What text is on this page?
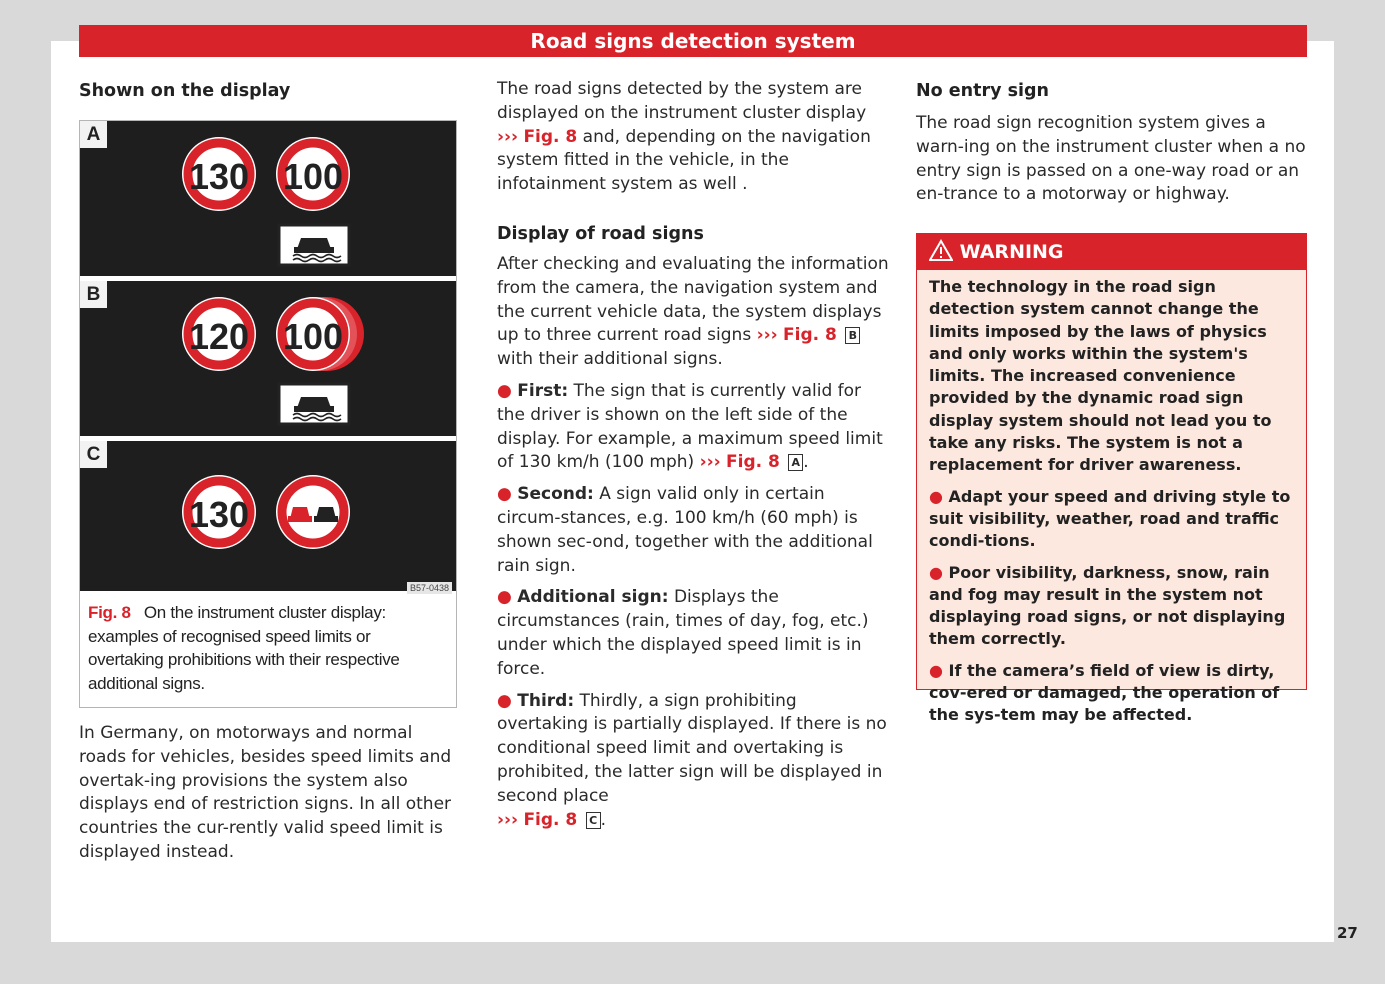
Road signs detection system
Shown on the display
130 100
120 100
130
A
B
C
B57-0438
Fig. 8 On the instrument cluster display: examples of recognised speed limits or overtaking prohibitions with their respective additional signs.

In Germany, on motorways and normal roads for vehicles, besides speed limits and overtak-ing provisions the system also displays end of restriction signs. In all other countries the cur-rently valid speed limit is displayed instead.

The road signs detected by the system are displayed on the instrument cluster display
››› Fig. 8 and, depending on the navigation system fitted in the vehicle, in the infotainment system as well .

Display of road signs

After checking and evaluating the information from the camera, the navigation system and the current vehicle data, the system displays up to three current road signs ››› Fig. 8 B with their additional signs.

● First: The sign that is currently valid for the driver is shown on the left side of the display. For example, a maximum speed limit of 130 km/h (100 mph) ››› Fig. 8 A .

● Second: A sign valid only in certain circum-stances, e.g. 100 km/h (60 mph) is shown sec-ond, together with the additional rain sign.

● Additional sign: Displays the circumstances (rain, times of day, fog, etc.) under which the displayed speed limit is in force.

● Third: Thirdly, a sign prohibiting overtaking is partially displayed. If there is no conditional speed limit and overtaking is prohibited, the latter sign will be displayed in second place
››› Fig. 8 C .

No entry sign

The road sign recognition system gives a warn-ing on the instrument cluster when a no entry sign is passed on a one-way road or an en-trance to a motorway or highway.

WARNING

The technology in the road sign detection system cannot change the limits imposed by the laws of physics and only works within the system's limits. The increased convenience provided by the dynamic road sign display system should not lead you to take any risks. The system is not a replacement for driver awareness.

● Adapt your speed and driving style to suit visibility, weather, road and traffic condi-tions.

● Poor visibility, darkness, snow, rain and fog may result in the system not displaying road signs, or not displaying them correctly.

● If the camera’s field of view is dirty, cov-ered or damaged, the operation of the sys-tem may be affected.

27
